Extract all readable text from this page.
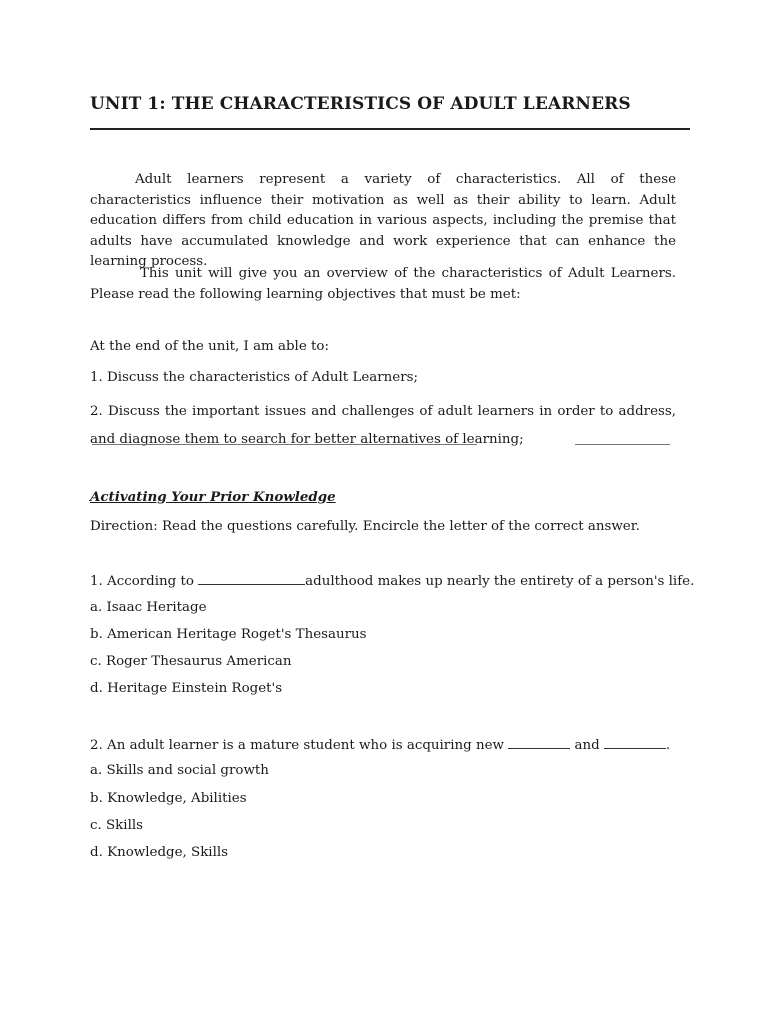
UNIT 1: THE CHARACTERISTICS OF ADULT LEARNERS
Adult learners represent a variety of characteristics. All of these characteristics influence their motivation as well as their ability to learn. Adult education differs from child education in various aspects, including the premise that adults have accumulated knowledge and work experience that can enhance the learning process.
This unit will give you an overview of the characteristics of Adult Learners. Please read the following learning objectives that must be met:
At the end of the unit, I am able to:
1. Discuss the characteristics of Adult Learners;
2. Discuss the important issues and challenges of adult learners in order to address, and diagnose them to search for better alternatives of learning;
Activating Your Prior Knowledge
Direction: Read the questions carefully. Encircle the letter of the correct answer.
1. According to	adulthood makes up nearly the entirety of a person's life.
a. Isaac Heritage
b. American Heritage Roget's Thesaurus
c. Roger Thesaurus American
d. Heritage Einstein Roget's
2. An adult learner is a mature student who is acquiring new	and	.
a. Skills and social growth
b. Knowledge, Abilities
c. Skills
d. Knowledge, Skills
